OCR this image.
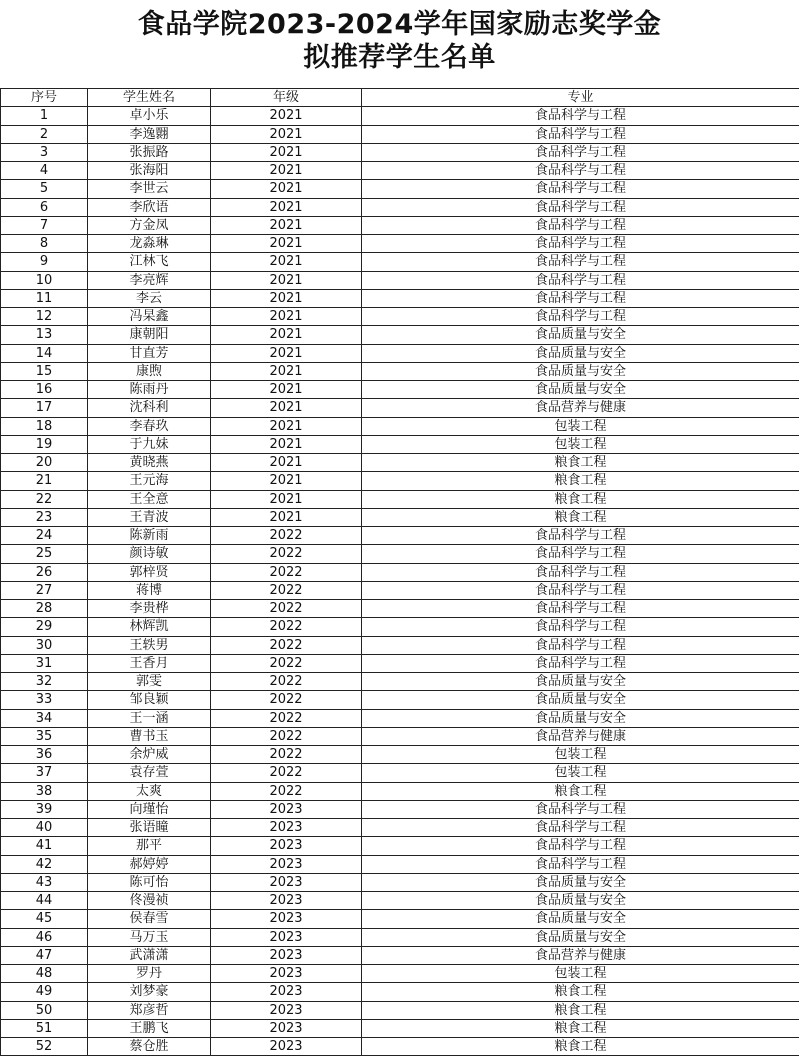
食品学院2023-2024学年国家励志奖学金
拟推荐学生名单
序号	学生姓名	年级	专业
1	卓小乐	2021	食品科学与工程
2	李逸翾	2021	食品科学与工程
3	张振路	2021	食品科学与工程
4	张海阳	2021	食品科学与工程
5	李世云	2021	食品科学与工程
6	李欣语	2021	食品科学与工程
7	方金凤	2021	食品科学与工程
8	龙淼琳	2021	食品科学与工程
9	江林飞	2021	食品科学与工程
10	李亮辉	2021	食品科学与工程
11	李云	2021	食品科学与工程
12	冯杲鑫	2021	食品科学与工程
13	康朝阳	2021	食品质量与安全
14	甘直芳	2021	食品质量与安全
15	康煦	2021	食品质量与安全
16	陈雨丹	2021	食品质量与安全
17	沈科利	2021	食品营养与健康
18	李春玖	2021	包装工程
19	于九妹	2021	包装工程
20	黄晓燕	2021	粮食工程
21	王元海	2021	粮食工程
22	王全意	2021	粮食工程
23	王青波	2021	粮食工程
24	陈新雨	2022	食品科学与工程
25	颜诗敏	2022	食品科学与工程
26	郭梓贤	2022	食品科学与工程
27	蒋博	2022	食品科学与工程
28	李贵桦	2022	食品科学与工程
29	林辉凯	2022	食品科学与工程
30	王轶男	2022	食品科学与工程
31	王香月	2022	食品科学与工程
32	郭雯	2022	食品质量与安全
33	邹良颖	2022	食品质量与安全
34	王一涵	2022	食品质量与安全
35	曹书玉	2022	食品营养与健康
36	余炉威	2022	包装工程
37	袁存萱	2022	包装工程
38	太爽	2022	粮食工程
39	向瑾怡	2023	食品科学与工程
40	张语瞳	2023	食品科学与工程
41	那平	2023	食品科学与工程
42	郝婷婷	2023	食品科学与工程
43	陈可怡	2023	食品质量与安全
44	佟漫祯	2023	食品质量与安全
45	侯春雪	2023	食品质量与安全
46	马万玉	2023	食品质量与安全
47	武潇潇	2023	食品营养与健康
48	罗丹	2023	包装工程
49	刘梦豪	2023	粮食工程
50	郑彦哲	2023	粮食工程
51	王鹏飞	2023	粮食工程
52	蔡仓胜	2023	粮食工程
